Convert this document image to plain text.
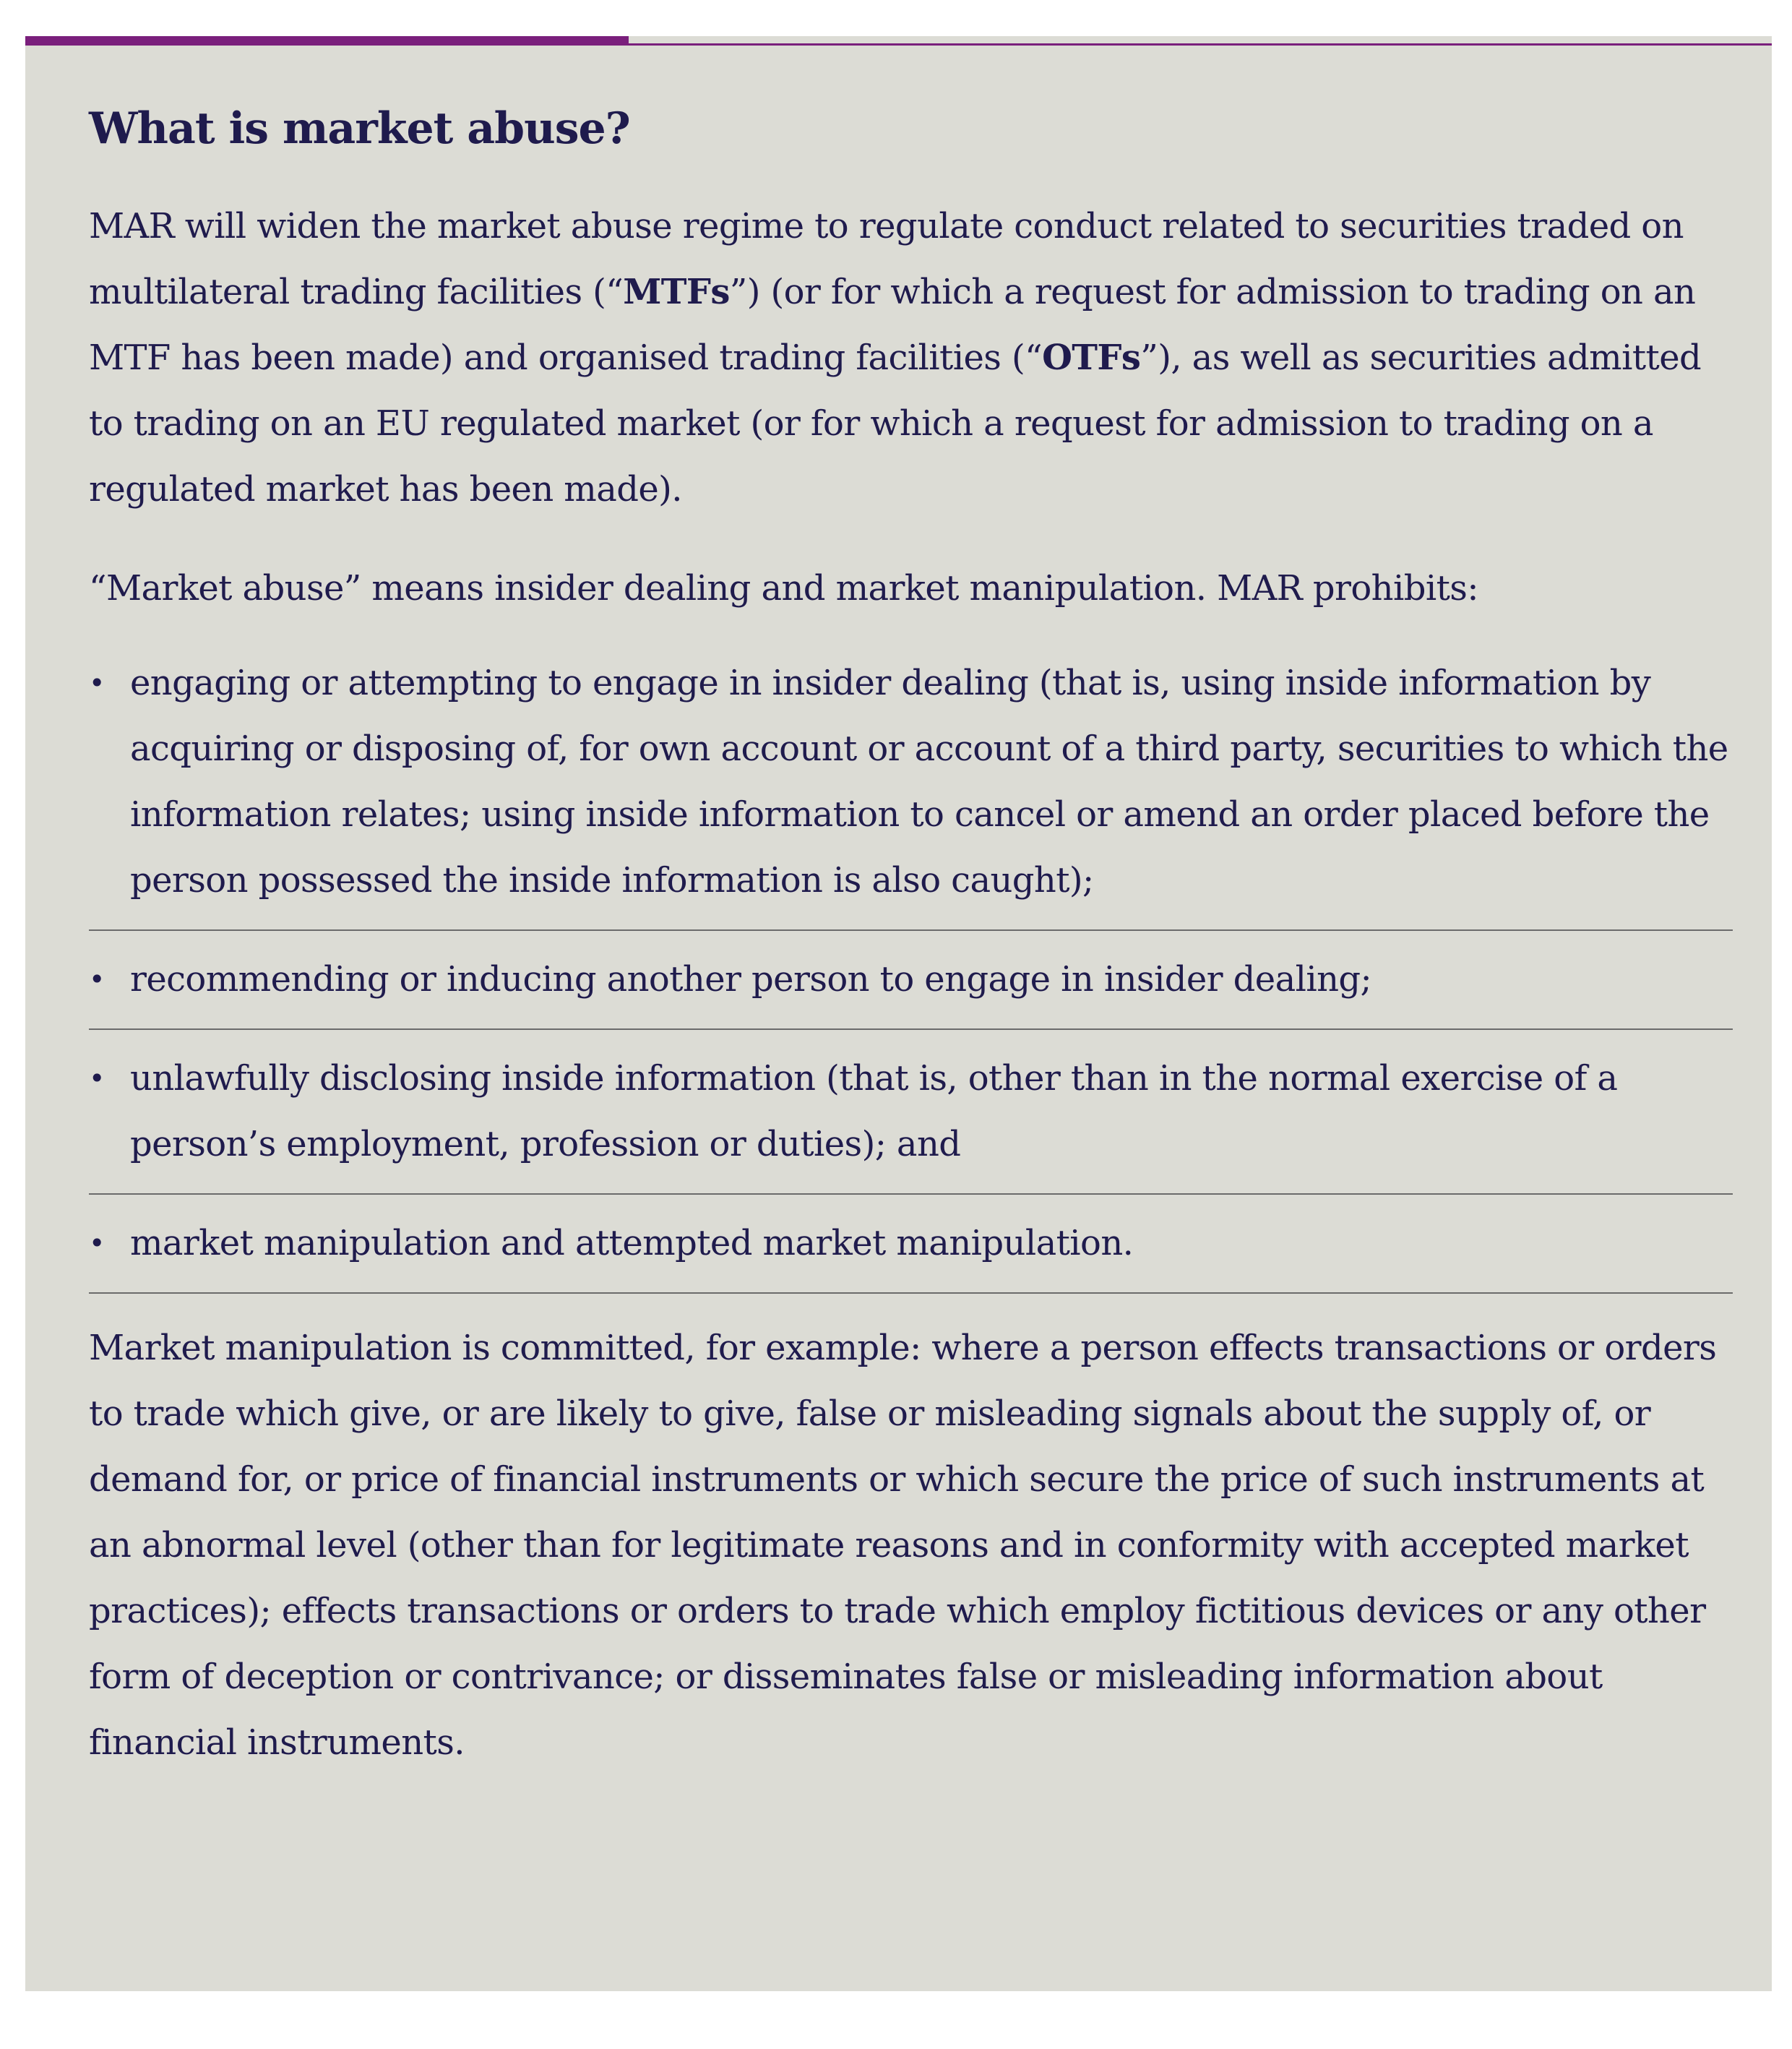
What is market abuse?

MAR will widen the market abuse regime to regulate conduct related to securities traded on multilateral trading facilities (“MTFs”) (or for which a request for admission to trading on an MTF has been made) and organised trading facilities (“OTFs”), as well as securities admitted to trading on an EU regulated market (or for which a request for admission to trading on a regulated market has been made).

“Market abuse” means insider dealing and market manipulation. MAR prohibits:

• engaging or attempting to engage in insider dealing (that is, using inside information by acquiring or disposing of, for own account or account of a third party, securities to which the information relates; using inside information to cancel or amend an order placed before the person possessed the inside information is also caught);
• recommending or inducing another person to engage in insider dealing;
• unlawfully disclosing inside information (that is, other than in the normal exercise of a person’s employment, profession or duties); and
• market manipulation and attempted market manipulation.

Market manipulation is committed, for example: where a person effects transactions or orders to trade which give, or are likely to give, false or misleading signals about the supply of, or demand for, or price of financial instruments or which secure the price of such instruments at an abnormal level (other than for legitimate reasons and in conformity with accepted market practices); effects transactions or orders to trade which employ fictitious devices or any other form of deception or contrivance; or disseminates false or misleading information about financial instruments.
